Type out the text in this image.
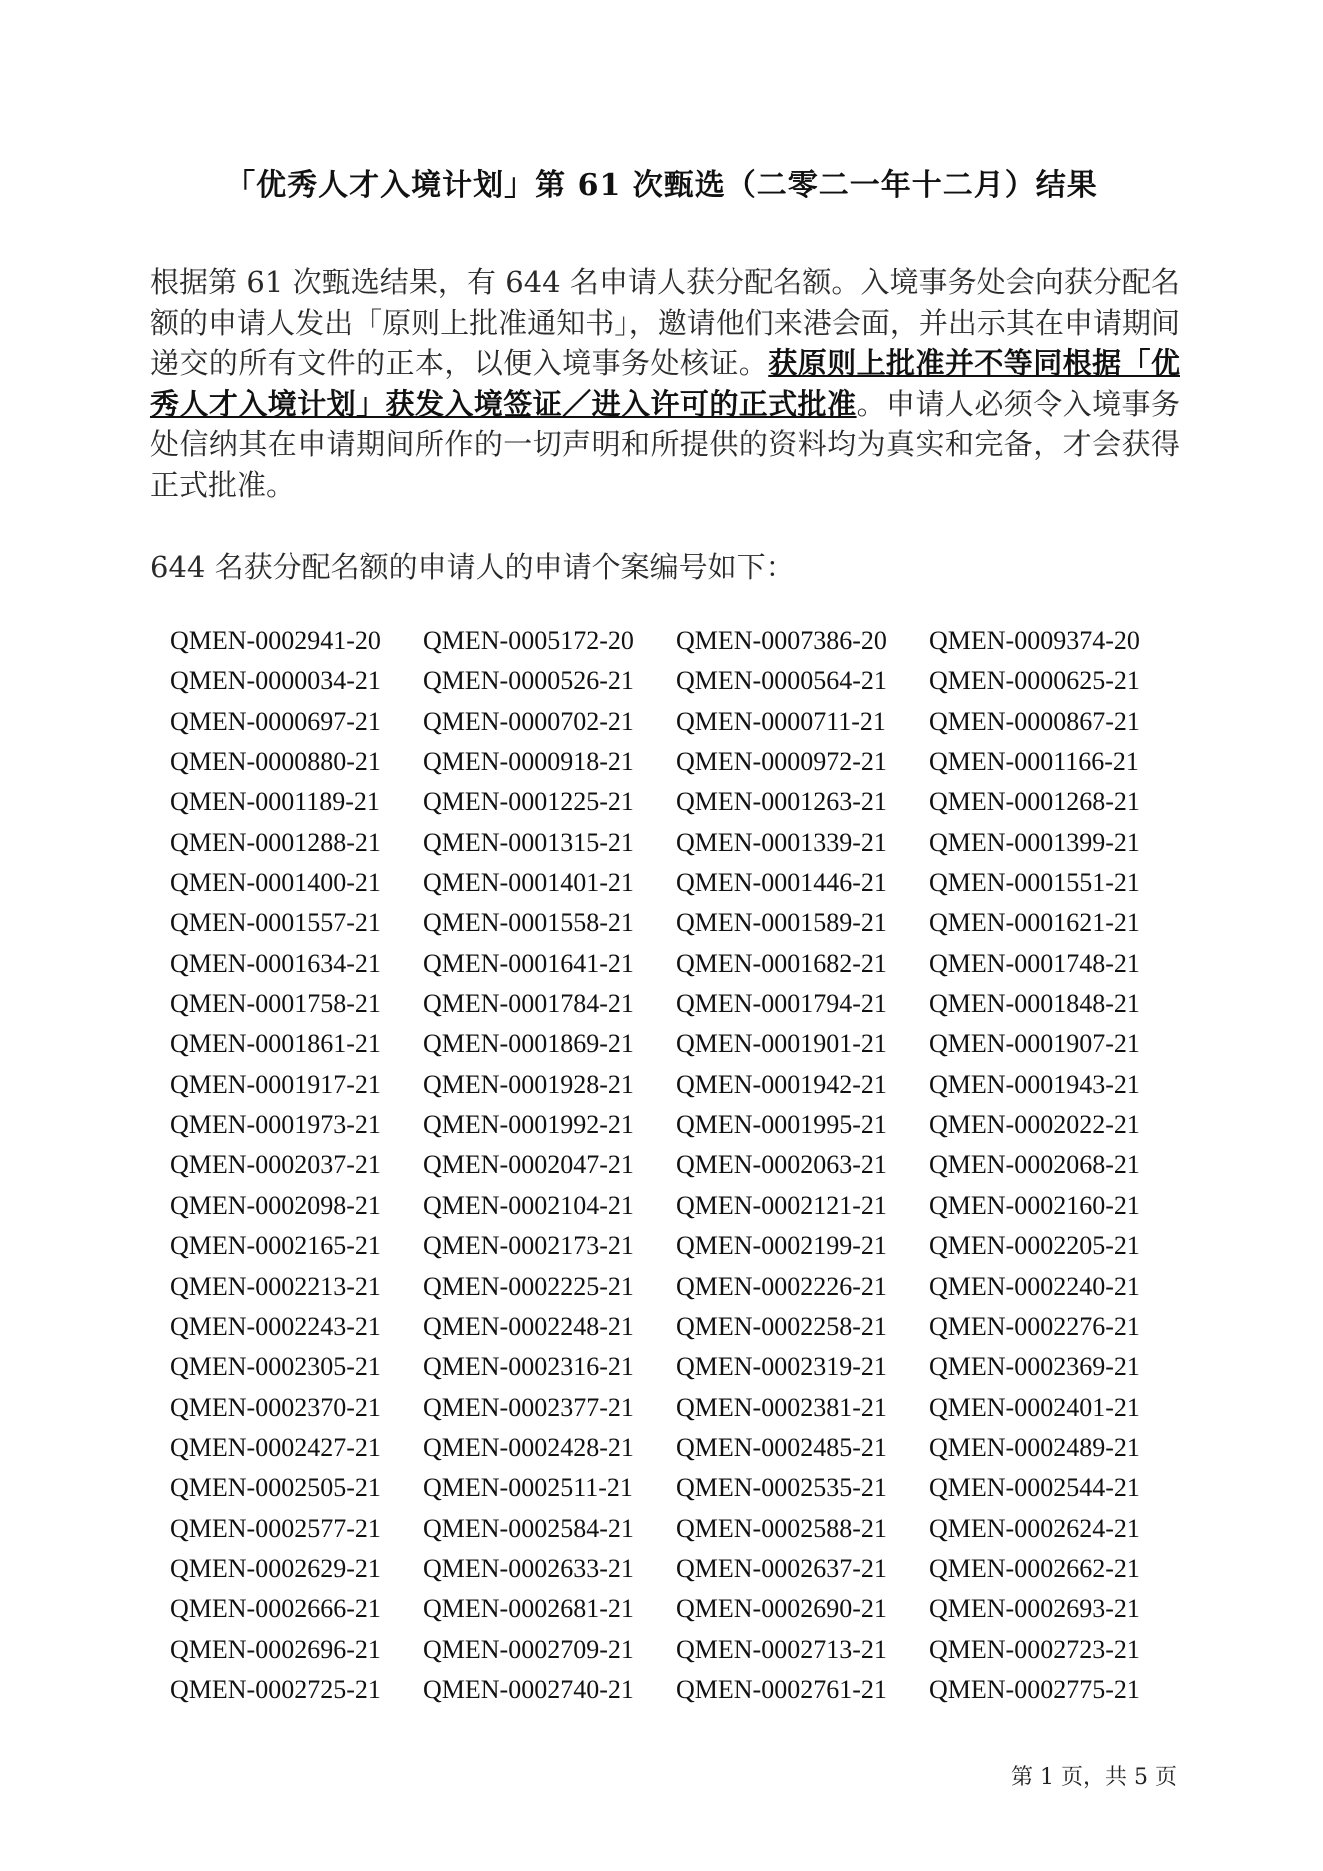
「优秀人才入境计划」第 61 次甄选（二零二一年十二月）结果
根据第 61 次甄选结果，有 644 名申请人获分配名额。入境事务处会向获分配名额的申请人发出「原则上批准通知书」，邀请他们来港会面，并出示其在申请期间递交的所有文件的正本，以便入境事务处核证。获原则上批准并不等同根据「优秀人才入境计划」获发入境签证／进入许可的正式批准。申请人必须令入境事务处信纳其在申请期间所作的一切声明和所提供的资料均为真实和完备，才会获得正式批准。
644 名获分配名额的申请人的申请个案编号如下：
QMEN-0002941-20	QMEN-0005172-20	QMEN-0007386-20	QMEN-0009374-20
QMEN-0000034-21	QMEN-0000526-21	QMEN-0000564-21	QMEN-0000625-21
QMEN-0000697-21	QMEN-0000702-21	QMEN-0000711-21	QMEN-0000867-21
QMEN-0000880-21	QMEN-0000918-21	QMEN-0000972-21	QMEN-0001166-21
QMEN-0001189-21	QMEN-0001225-21	QMEN-0001263-21	QMEN-0001268-21
QMEN-0001288-21	QMEN-0001315-21	QMEN-0001339-21	QMEN-0001399-21
QMEN-0001400-21	QMEN-0001401-21	QMEN-0001446-21	QMEN-0001551-21
QMEN-0001557-21	QMEN-0001558-21	QMEN-0001589-21	QMEN-0001621-21
QMEN-0001634-21	QMEN-0001641-21	QMEN-0001682-21	QMEN-0001748-21
QMEN-0001758-21	QMEN-0001784-21	QMEN-0001794-21	QMEN-0001848-21
QMEN-0001861-21	QMEN-0001869-21	QMEN-0001901-21	QMEN-0001907-21
QMEN-0001917-21	QMEN-0001928-21	QMEN-0001942-21	QMEN-0001943-21
QMEN-0001973-21	QMEN-0001992-21	QMEN-0001995-21	QMEN-0002022-21
QMEN-0002037-21	QMEN-0002047-21	QMEN-0002063-21	QMEN-0002068-21
QMEN-0002098-21	QMEN-0002104-21	QMEN-0002121-21	QMEN-0002160-21
QMEN-0002165-21	QMEN-0002173-21	QMEN-0002199-21	QMEN-0002205-21
QMEN-0002213-21	QMEN-0002225-21	QMEN-0002226-21	QMEN-0002240-21
QMEN-0002243-21	QMEN-0002248-21	QMEN-0002258-21	QMEN-0002276-21
QMEN-0002305-21	QMEN-0002316-21	QMEN-0002319-21	QMEN-0002369-21
QMEN-0002370-21	QMEN-0002377-21	QMEN-0002381-21	QMEN-0002401-21
QMEN-0002427-21	QMEN-0002428-21	QMEN-0002485-21	QMEN-0002489-21
QMEN-0002505-21	QMEN-0002511-21	QMEN-0002535-21	QMEN-0002544-21
QMEN-0002577-21	QMEN-0002584-21	QMEN-0002588-21	QMEN-0002624-21
QMEN-0002629-21	QMEN-0002633-21	QMEN-0002637-21	QMEN-0002662-21
QMEN-0002666-21	QMEN-0002681-21	QMEN-0002690-21	QMEN-0002693-21
QMEN-0002696-21	QMEN-0002709-21	QMEN-0002713-21	QMEN-0002723-21
QMEN-0002725-21	QMEN-0002740-21	QMEN-0002761-21	QMEN-0002775-21
第 1 页，共 5 页
